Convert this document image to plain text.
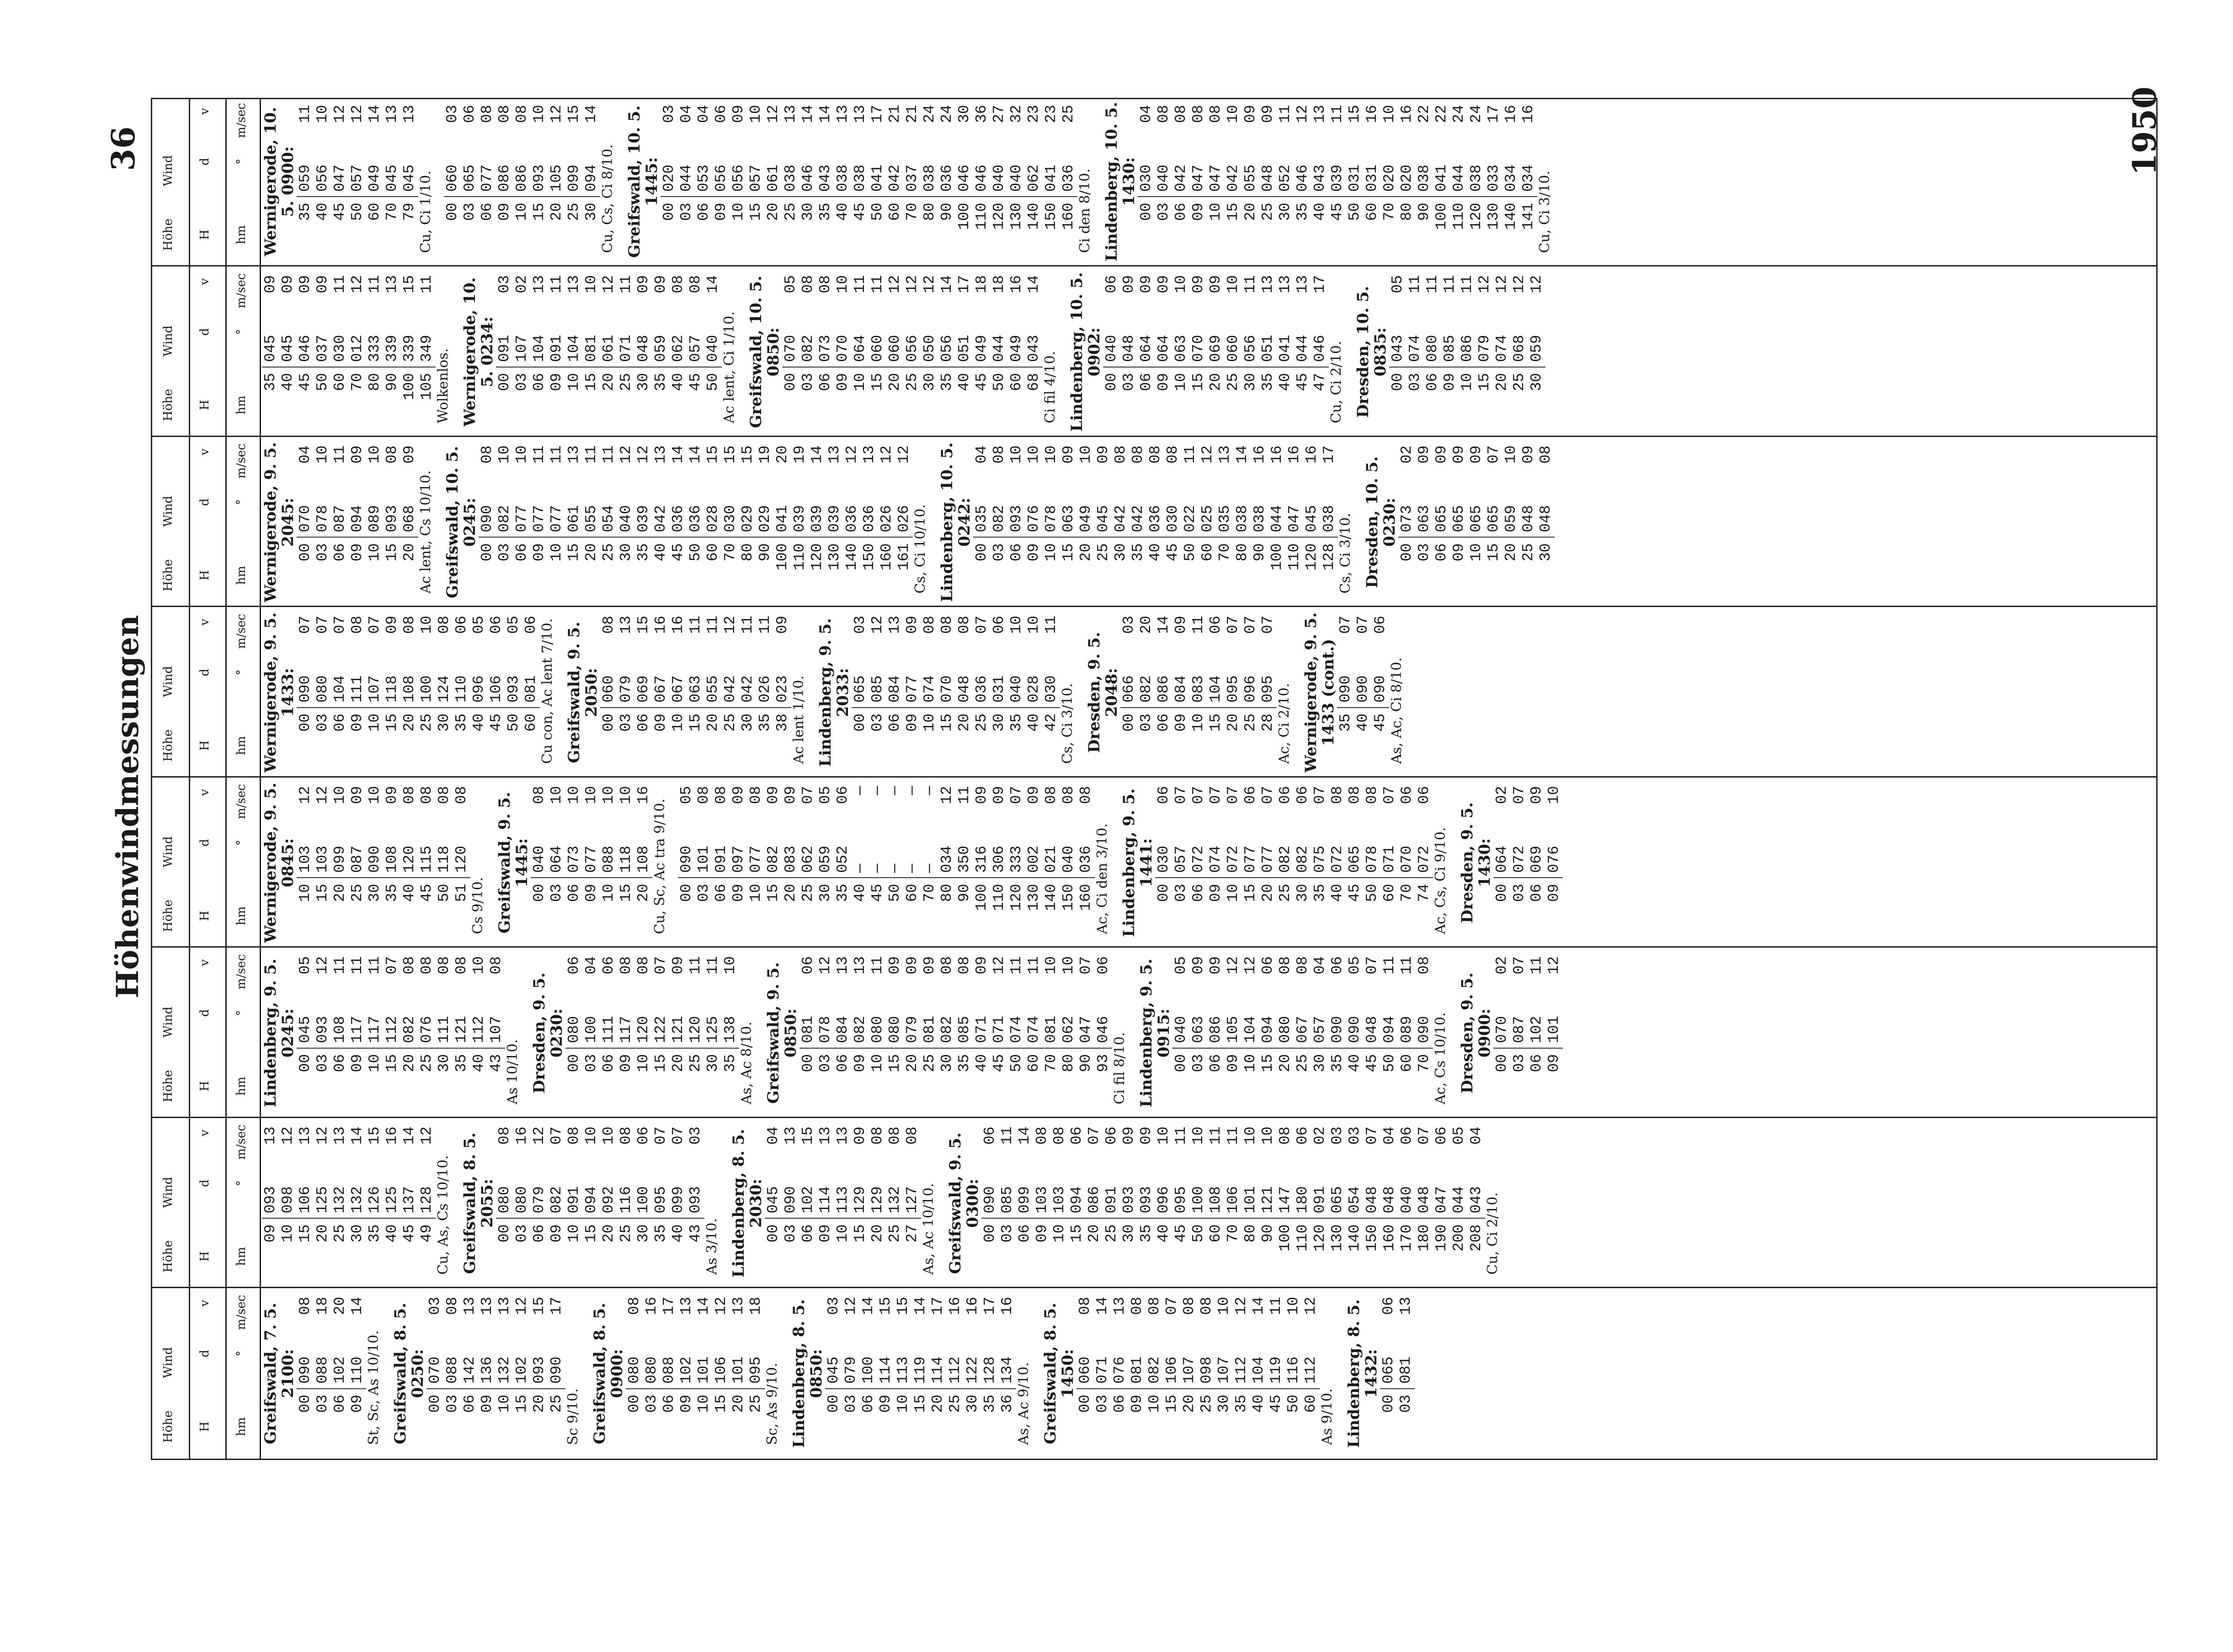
36
Höhenwindmessungen
1950
Höhe
Wind
H
d
v
hm
°
m/sec Greifswald, 7. 5. 2100:
00
090
08
03
088
18
06
102
20
09
110
14
St, Sc, As 10/10. Greifswald, 8. 5. 0250:
00
070
03
03
088
08
06
142
13
09
136
13
10
132
13
15
102
12
20
093
15
25
090
17
Sc 9/10. Greifswald, 8. 5. 0900:
00
080
08
03
080
16
06
088
17
09
102
13
10
101
14
15
106
12
20
101
13
25
095
18
Sc, As 9/10. Lindenberg, 8. 5. 0850:
00
045
03
03
079
12
06
100
14
09
114
15
10
113
15
15
119
14
20
114
17
25
112
16
30
122
16
35
128
17
36
134
16
As, Ac 9/10. Greifswald, 8. 5. 1450:
00
060
08
03
071
14
06
076
13
09
081
08
10
082
08
15
106
07
20
107
08
25
098
08
30
107
10
35
112
12
40
104
14
45
119
11
50
116
10
60
112
12
As 9/10. Lindenberg, 8. 5. 1432:
00
065
06
03
081
13
Höhe
Wind
H
d
v
hm
°
m/sec
09
093
13
10
098
12
15
106
13
20
125
12
25
132
13
30
132
14
35
126
15
40
125
16
45
137
14
49
128
12
Cu, As, Cs 10/10. Greifswald, 8. 5. 2055:
00
080
08
03
080
16
06
079
12
09
082
07
10
091
08
15
094
10
20
092
10
25
116
08
30
100
06
35
095
07
40
099
07
43
093
03
As 3/10. Lindenberg, 8. 5. 2030:
00
045
04
03
090
13
06
102
15
09
114
13
10
113
13
15
129
09
20
129
08
25
132
08
27
127
08
As, Ac 10/10. Greifswald, 9. 5. 0300:
00
090
06
03
085
11
06
099
14
09
103
08
10
103
08
15
094
06
20
086
07
25
091
06
30
093
09
35
093
09
40
096
10
45
095
11
50
100
10
60
108
11
70
106
11
80
101
10
90
121
10
100
147
08
110
180
06
120
091
02
130
065
03
140
054
03
150
048
07
160
048
04
170
040
06
180
048
07
190
047
06
200
044
05
208
043
04
Cu, Ci 2/10.
Höhe
Wind
H
d
v
hm
°
m/sec Lindenberg, 9. 5. 0245:
00
045
05
03
093
12
06
108
11
09
117
11
10
117
11
15
112
07
20
082
08
25
076
08
30
111
08
35
121
08
40
112
10
43
107
08
As 10/10. Dresden, 9. 5. 0230:
00
080
06
03
100
04
06
111
06
09
117
08
10
120
08
15
122
07
20
121
09
25
120
11
30
125
11
35
138
10
As, Ac 8/10. Greifswald, 9. 5. 0850:
00
081
06
03
078
12
06
084
13
09
082
13
10
080
11
15
080
09
20
079
09
25
081
09
30
082
08
35
085
08
40
071
09
45
071
12
50
074
11
60
074
11
70
081
10
80
062
10
90
047
07
93
046
06
Ci fil 8/10. Lindenberg, 9. 5. 0915:
00
040
05
03
063
09
06
086
09
09
105
12
10
104
12
15
094
06
20
080
08
25
067
08
30
057
04
35
090
06
40
090
05
45
048
07
50
094
11
60
089
11
70
090
08
Ac, Cs 10/10. Dresden, 9. 5. 0900:
00
070
02
03
087
07
06
102
11
09
101
12
Höhe
Wind
H
d
v
hm
°
m/sec Wernigerode, 9. 5. 0845:
10
103
12
15
103
12
20
099
10
25
087
09
30
090
10
35
108
09
40
120
08
45
115
08
50
118
08
51
120
08
Cs 9/10. Greifswald, 9. 5. 1445:
00
040
08
03
064
10
06
073
10
09
077
10
10
088
10
15
118
10
20
108
16
Cu, Sc, Ac tra 9/10. 00
090
05
03
101
08
06
091
08
09
097
09
10
077
08
15
082
09
20
083
09
25
062
07
30
059
05
35
052
06
40
—
—
45
—
—
50
—
—
60
—
—
70
—
—
80
034
12
90
350
11
100
316
09
110
306
09
120
333
07
130
002
09
140
021
08
150
040
08
160
036
08
Ac, Ci den 3/10. Lindenberg, 9. 5. 1441:
00
030
06
03
057
07
06
072
07
09
074
07
10
072
07
15
077
06
20
077
07
25
082
06
30
082
06
35
075
07
40
072
08
45
065
08
50
078
08
60
071
07
70
070
06
74
072
06
Ac, Cs, Ci 9/10. Dresden, 9. 5. 1430:
00
064
02
03
072
07
06
069
09
09
076
10
Höhe
Wind
H
d
v
hm
°
m/sec Wernigerode, 9. 5. 1433:
00
090
07
03
080
07
06
104
07
09
111
08
10
107
07
15
118
09
20
108
08
25
100
10
30
124
08
35
110
06
40
096
05
45
106
06
50
093
05
60
081
06 Cu con, Ac lent 7/10. Greifswald, 9. 5. 2050:
00
060
08
03
079
13
06
069
15
09
067
16
10
067
16
15
063
11
20
055
11
25
042
12
30
042
11
35
026
11
38
023
09
Ac lent 1/10. Lindenberg, 9. 5. 2033:
00
065
03
03
085
12
06
084
13
09
077
09
10
074
08
15
070
08
20
048
08
25
036
07
30
031
06
35
040
10
40
028
10
42
030
11
Cs, Ci 3/10. Dresden, 9. 5. 2048:
00
066
03
03
082
20
06
086
14
09
084
09
10
083
11
15
104
06
20
095
07
25
096
07
28
095
07
Ac, Ci 2/10. Wernigerode, 9. 5. 1433 (cont.) 35
090
07
40
090
07
45
090
06
As, Ac, Ci 8/10.
Höhe
Wind
H
d
v
hm
°
m/sec Wernigerode, 9. 5. 2045:
00
070
04
03
078
10
06
087
11
09
094
09
10
089
10
15
093
08
20
068
09
Ac lent, Cs 10/10. Greifswald, 10. 5. 0245:
00
090
08
03
082
10
06
077
10
09
077
11
10
077
11
15
061
13
20
055
11
25
054
11
30
040
12
35
039
12
40
042
13
45
036
14
50
036
14
60
028
15
70
030
15
80
029
15
90
029
19
100
041
20
110
039
19
120
039
14
130
039
13
140
036
12
150
036
13
160
026
12
161
026
12
Cs, Ci 10/10. Lindenberg, 10. 5. 0242:
00
035
04
03
082
08
06
093
10
09
076
10
10
078
10
15
063
09
20
049
10
25
045
09
30
042
08
35
042
08
40
036
08
45
030
08
50
022
11
60
025
12
70
035
13
80
038
14
90
038
16
100
044
16
110
047
16
120
045
16
128
038
17
Cs, Ci 3/10. Dresden, 10. 5. 0230:
00
073
02
03
063
09
06
065
09
09
065
09
10
065
09
15
065
07
20
059
10
25
048
09
30
048
08
Höhe
Wind
H
d
v
hm
°
m/sec
35
045
09
40
045
09
45
046
09
50
037
09
60
030
11
70
012
12
80
333
11
90
339
13
100
339
15
105
349
11
Wolkenlos. Wernigerode, 10. 5. 0234: 00
091
03
03
107
02
06
104
13
09
091
11
10
104
13
15
081
10
20
061
12
25
071
11
30
048
09
35
059
09
40
062
08
45
057
08
50
040
14
Ac lent, Ci 1/10. Greifswald, 10. 5. 0850:
00
070
05
03
082
08
06
073
08
09
070
10
10
064
11
15
060
11
20
060
12
25
056
12
30
050
12
35
056
14
40
051
17
45
049
18
50
044
18
60
049
16
68
043
14
Ci fil 4/10. Lindenberg, 10. 5. 0902:
00
040
06
03
048
09
06
064
09
09
064
09
10
063
10
15
070
09
20
069
09
25
060
10
30
056
11
35
051
13
40
041
13
45
044
13
47
046
17
Cu, Ci 2/10. Dresden, 10. 5. 0835:
00
043
05
03
074
11
06
080
11
09
085
11
10
086
11
15
079
12
20
074
12
25
068
12
30
059
12
Höhe
Wind
H
d
v
hm
°
m/sec Wernigerode, 10. 5. 0900: 35
059
11
40
056
10
45
047
12
50
057
12
60
049
14
70
045
13
79
045
13
Cu, Ci 1/10. 00
060
03
03
065
06
06
077
08
09
086
08
10
086
08
15
093
10
20
105
12
25
099
15
30
094
14
Cu, Cs, Ci 8/10. Greifswald, 10. 5. 1445:
00
020
03
03
044
04
06
053
04
09
056
06
10
056
09
15
057
10
20
061
12
25
038
13
30
046
14
35
043
14
40
038
13
45
038
13
50
041
17
60
042
21
70
037
21
80
038
24
90
036
24
100
046
30
110
046
36
120
040
27
130
040
32
140
062
23
150
041
23
160
036
25
Ci den 8/10. Lindenberg, 10. 5. 1430:
00
030
04
03
040
08
06
042
08
09
047
08
10
047
08
15
042
10
20
055
09
25
048
09
30
052
11
35
046
12
40
043
13
45
039
11
50
031
15
60
031
16
70
020
10
80
020
16
90
038
22
100
041
22
110
044
24
120
038
24
130
033
17
140
034
16
141
034
16
Cu, Ci 3/10.
